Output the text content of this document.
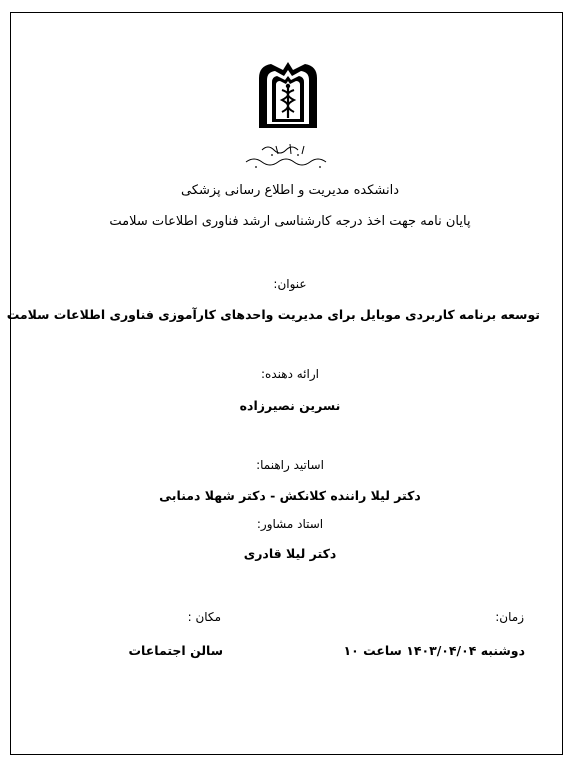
دانشکده مدیریت و اطلاع رسانی پزشکی
پایان نامه جهت اخذ درجه کارشناسی ارشد فناوری اطلاعات سلامت
عنوان:
توسعه برنامه کاربردی موبایل برای مدیریت واحدهای کارآموزی فناوری اطلاعات سلامت
ارائه دهنده:
نسرین نصیرزاده
اساتید راهنما:
دکتر لیلا راننده کلانکش - دکتر شهلا دمنابی
استاد مشاور:
دکتر لیلا قادری
زمان:
مکان :
دوشنبه ۱۴۰۳/۰۴/۰۴ ساعت ۱۰
سالن اجتماعات
